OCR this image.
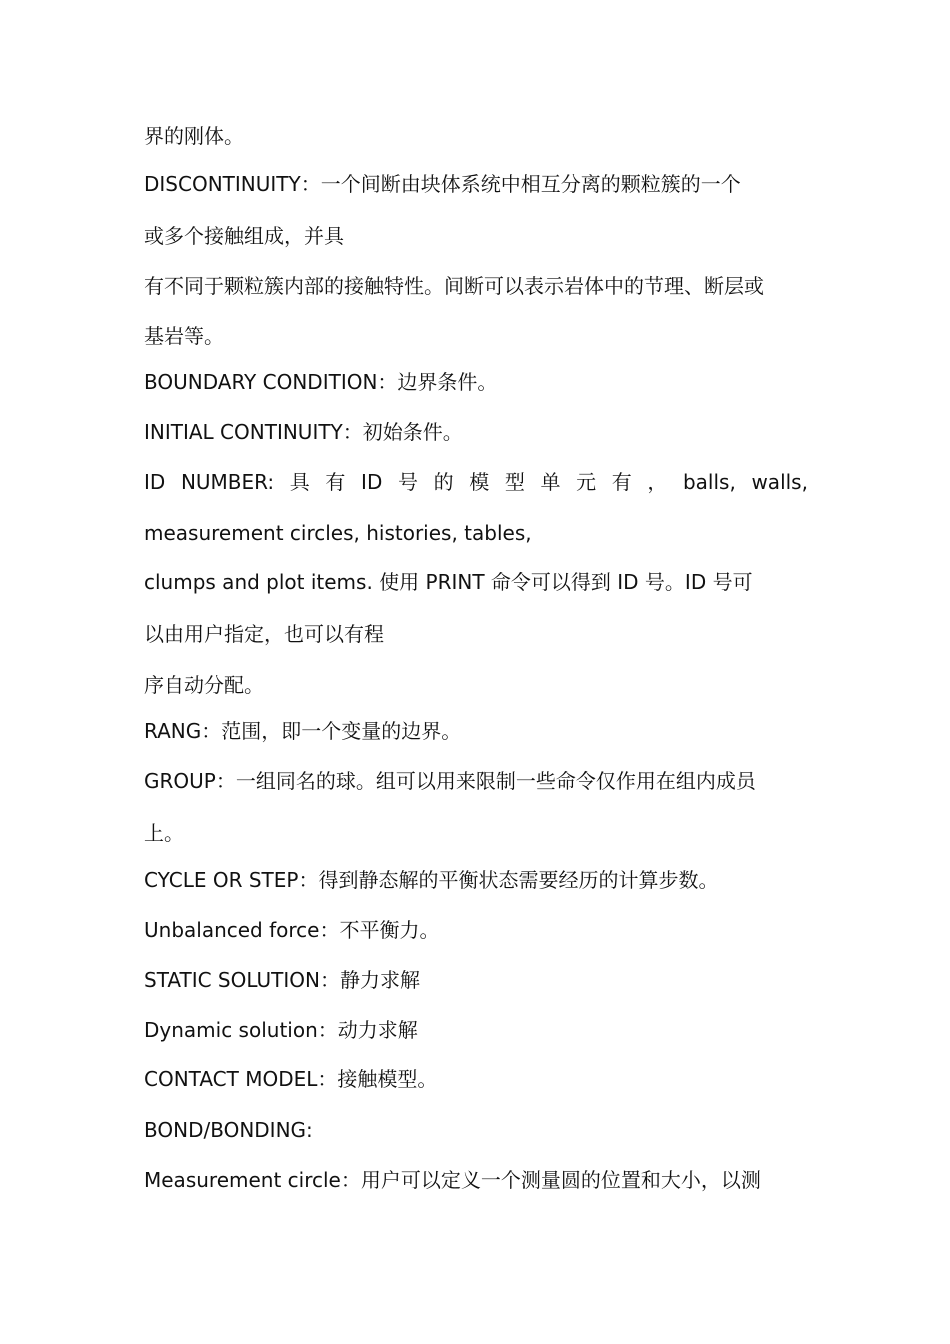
界的刚体。
DISCONTINUITY：一个间断由块体系统中相互分离的颗粒簇的一个
或多个接触组成，并具
有不同于颗粒簇内部的接触特性。间断可以表示岩体中的节理、断层或
基岩等。
BOUNDARY CONDITION：边界条件。
INITIAL CONTINUITY：初始条件。
ID NUMBER: 具 有 ID 号 的 模 型 单 元 有 ， balls, walls,
measurement circles, histories, tables,
clumps and plot items. 使用 PRINT 命令可以得到 ID 号。ID 号可
以由用户指定，也可以有程
序自动分配。
RANG：范围，即一个变量的边界。
GROUP：一组同名的球。组可以用来限制一些命令仅作用在组内成员
上。
CYCLE OR STEP：得到静态解的平衡状态需要经历的计算步数。
Unbalanced force：不平衡力。
STATIC SOLUTION：静力求解
Dynamic solution：动力求解
CONTACT MODEL：接触模型。
BOND/BONDING:
Measurement circle：用户可以定义一个测量圆的位置和大小，以测
